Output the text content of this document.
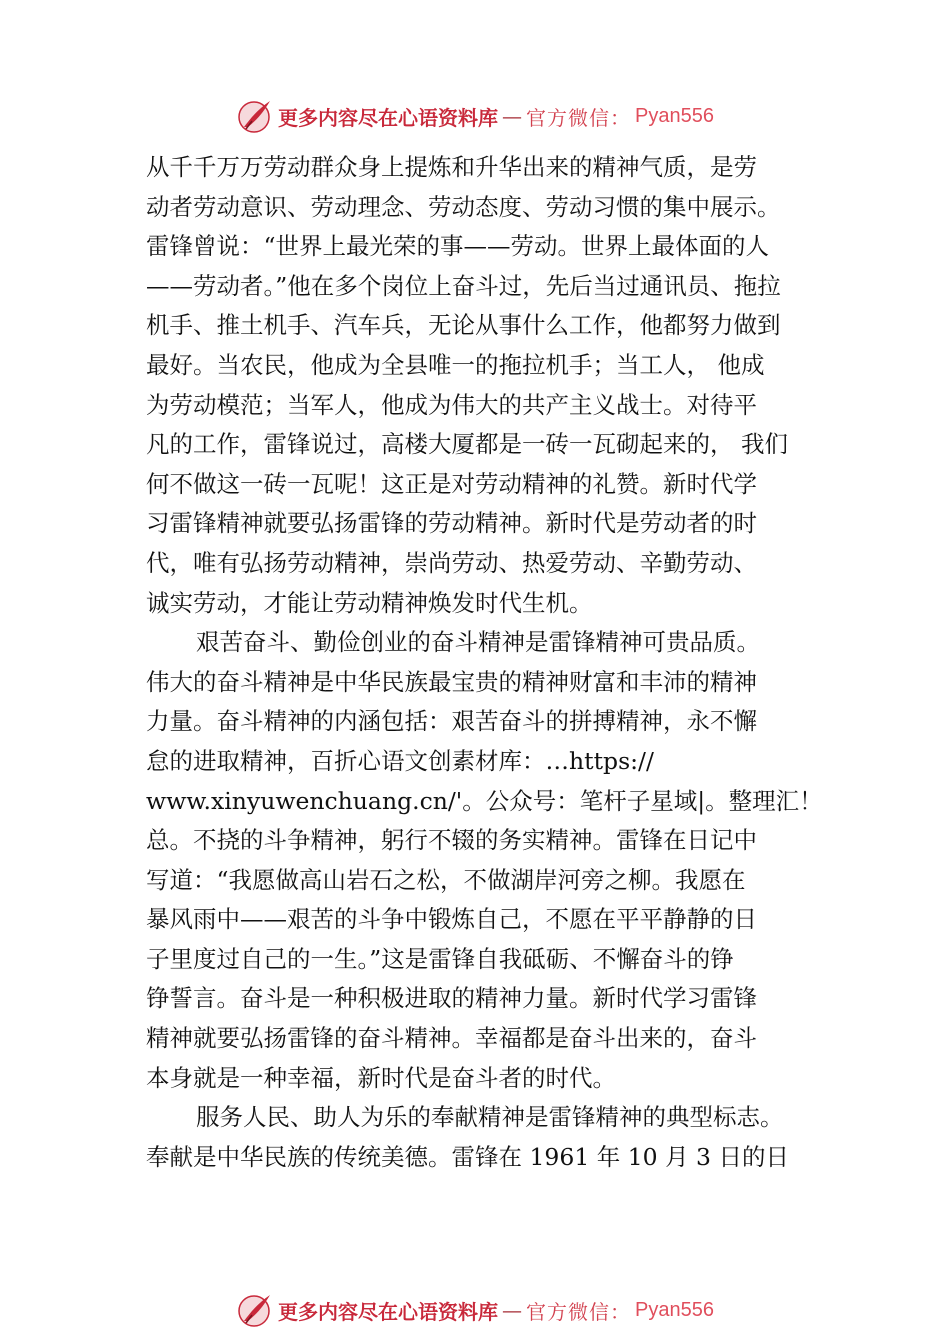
更多内容尽在心语资料库 — 官方微信： Pyan556
从千千万万劳动群众身上提炼和升华出来的精神气质，是劳
动者劳动意识、劳动理念、劳动态度、劳动习惯的集中展示。
雷锋曾说：“世界上最光荣的事——劳动。世界上最体面的人
——劳动者。”他在多个岗位上奋斗过，先后当过通讯员、拖拉
机手、推土机手、汽车兵，无论从事什么工作，他都努力做到
最好。当农民，他成为全县唯一的拖拉机手；当工人， 他成
为劳动模范；当军人，他成为伟大的共产主义战士。对待平
凡的工作，雷锋说过，高楼大厦都是一砖一瓦砌起来的， 我们
何不做这一砖一瓦呢！这正是对劳动精神的礼赞。新时代学
习雷锋精神就要弘扬雷锋的劳动精神。新时代是劳动者的时
代，唯有弘扬劳动精神，崇尚劳动、热爱劳动、辛勤劳动、
诚实劳动，才能让劳动精神焕发时代生机。
艰苦奋斗、勤俭创业的奋斗精神是雷锋精神可贵品质。
伟大的奋斗精神是中华民族最宝贵的精神财富和丰沛的精神
力量。奋斗精神的内涵包括：艰苦奋斗的拼搏精神，永不懈
怠的进取精神，百折心语文创素材库：…https://
www.xinyuwenchuang.cn/'。公众号：笔杆子星域|。整理汇！
总。不挠的斗争精神，躬行不辍的务实精神。雷锋在日记中
写道：“我愿做高山岩石之松，不做湖岸河旁之柳。我愿在
暴风雨中——艰苦的斗争中锻炼自己，不愿在平平静静的日
子里度过自己的一生。”这是雷锋自我砥砺、不懈奋斗的铮
铮誓言。奋斗是一种积极进取的精神力量。新时代学习雷锋
精神就要弘扬雷锋的奋斗精神。幸福都是奋斗出来的，奋斗
本身就是一种幸福，新时代是奋斗者的时代。
服务人民、助人为乐的奉献精神是雷锋精神的典型标志。
奉献是中华民族的传统美德。雷锋在 1961 年 10 月 3 日的日
更多内容尽在心语资料库 — 官方微信： Pyan556
